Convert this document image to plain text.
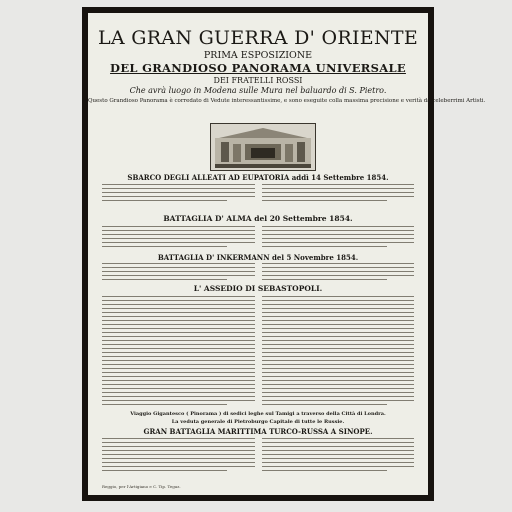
LA GRAN GUERRA D' ORIENTE
PRIMA ESPOSIZIONE
DEL GRANDIOSO PANORAMA UNIVERSALE
DEI FRATELLI ROSSI
Che avrà luogo in Modena sulle Mura nel baluardo di S. Pietro.
Questo Grandioso Panorama è corredato di Vedute interessantissime, e sono eseguite colla massima precisione e verità da celeberrimi Artisti.
SBARCO DEGLI ALLEATI AD EUPATORIA addì 14 Settembre 1854.
BATTAGLIA D' ALMA del 20 Settembre 1854.
BATTAGLIA D' INKERMANN del 5 Novembre 1854.
L' ASSEDIO DI SEBASTOPOLI.
Viaggio Gigantesco ( Pinorama ) di sedici leghe sul Tamigi a traverso della Città di Londra.
La veduta generale di Pietroburgo Capitale di tutte le Russie.
GRAN BATTAGLIA MARITTIMA TURCO-RUSSA A SINOPE.
Reggio, per l'Artigiano e C. Tip. Tegaz.
